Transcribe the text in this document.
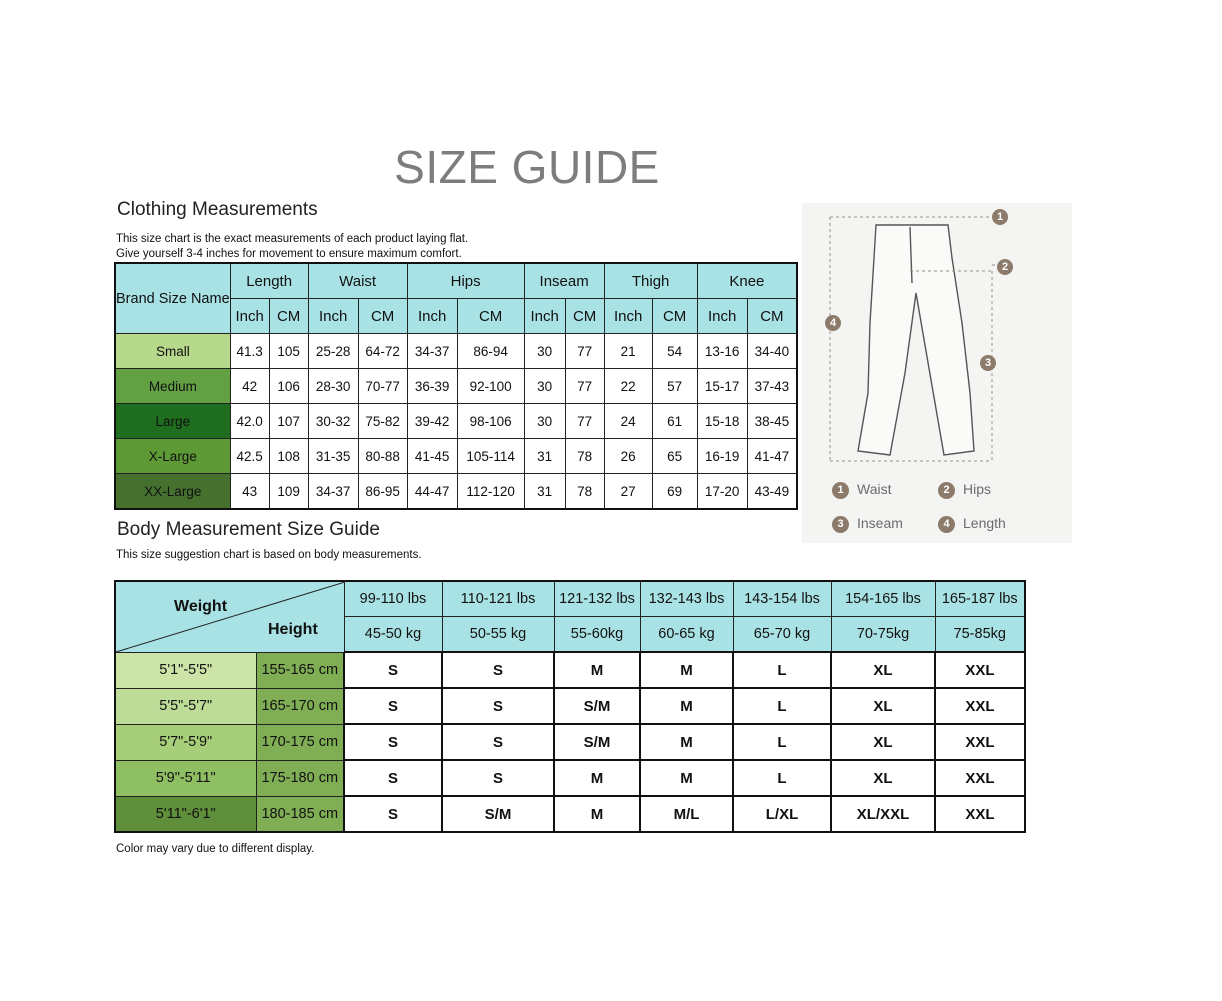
SIZE GUIDE
Clothing Measurements
This size chart is the exact measurements of each product laying flat.
Give yourself 3-4 inches for movement to ensure maximum comfort.
Brand Size Name	Length		Waist		Hips		Inseam		Thigh		Knee	
	Inch	CM	Inch	CM	Inch	CM	Inch	CM	Inch	CM	Inch	CM
Small	41.3	105	25-28	64-72	34-37	86-94	30	77	21	54	13-16	34-40
Medium	42	106	28-30	70-77	36-39	92-100	30	77	22	57	15-17	37-43
Large	42.0	107	30-32	75-82	39-42	98-106	30	77	24	61	15-18	38-45
X-Large	42.5	108	31-35	80-88	41-45	105-114	31	78	26	65	16-19	41-47
XX-Large	43	109	34-37	86-95	44-47	112-120	31	78	27	69	17-20	43-49
Body Measurement Size Guide
This size suggestion chart is based on body measurements.
Weight
Height		99-110 lbs	110-121 lbs	121-132 lbs	132-143 lbs	143-154 lbs	154-165 lbs	165-187 lbs
		45-50 kg	50-55 kg	55-60kg	60-65 kg	65-70 kg	70-75kg	75-85kg
5'1"-5'5"	155-165 cm	S	S	M	M	L	XL	XXL
5'5"-5'7"	165-170 cm	S	S	S/M	M	L	XL	XXL
5'7"-5'9"	170-175 cm	S	S	S/M	M	L	XL	XXL
5'9"-5'11"	175-180 cm	S	S	M	M	L	XL	XXL
5'11"-6'1"	180-185 cm	S	S/M	M	M/L	L/XL	XL/XXL	XXL
Color may vary due to different display.
1
2
3
4
1 Waist	2 Hips
3 Inseam	4 Length
